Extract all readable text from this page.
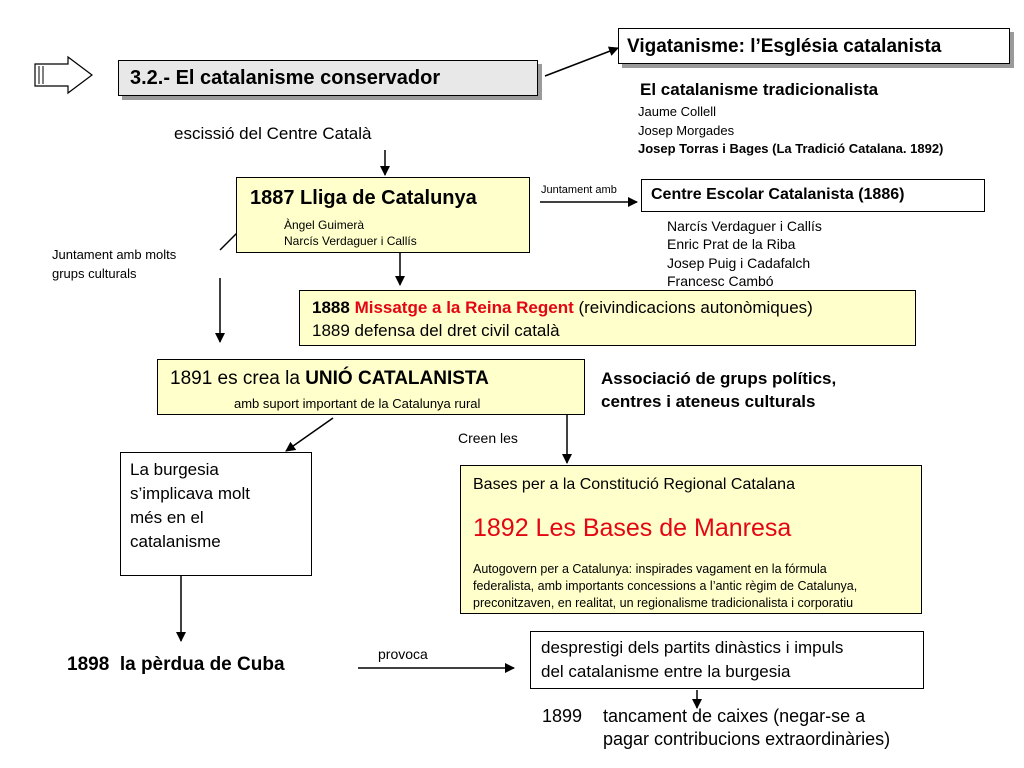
3.2.- El catalanisme conservador
Vigatanisme: l’Església catalanista
El catalanisme tradicionalista
Jaume Collell
Josep Morgades
Josep Torras i Bages (La Tradició Catalana. 1892)
escissió del Centre Català
1887 Lliga de Catalunya
Àngel Guimerà
Narcís Verdaguer i Callís
Juntament amb Centre Escolar Catalanista (1886)
Narcís Verdaguer i Callís
Enric Prat de la Riba
Josep Puig i Cadafalch
Francesc Cambó
Juntament amb molts
grups culturals
1888 Missatge a la Reina Regent (reivindicacions autonòmiques)
1889 defensa del dret civil català
1891 es crea la UNIÓ CATALANISTA
amb suport important de la Catalunya rural
Associació de grups polítics,
centres i ateneus culturals
Creen les
La burgesia
s’implicava molt
més en el
catalanisme
Bases per a la Constitució Regional Catalana
1892 Les Bases de Manresa
Autogovern per a Catalunya: inspirades vagament en la fórmula
federalista, amb importants concessions a l’antic règim de Catalunya,
preconitzaven, en realitat, un regionalisme tradicionalista i corporatiu
1898  la pèrdua de Cuba	provoca	desprestigi dels partits dinàstics i impuls
del catalanisme entre la burgesia
1899 tancament de caixes (negar-se a
pagar contribucions extraordinàries)
